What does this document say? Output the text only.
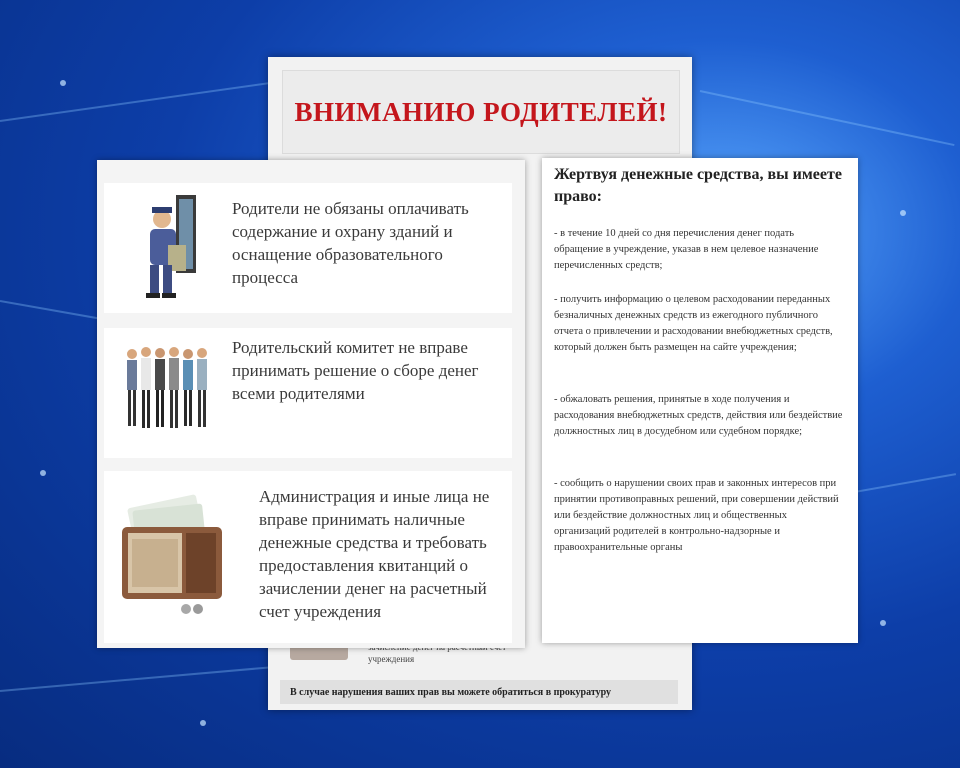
ВНИМАНИЮ РОДИТЕЛЕЙ!
учреждения
В случае нарушения ваших прав вы можете обратиться в прокуратуру
Родители не обязаны оплачивать содержание и охрану зданий и оснащение образовательного процесса
Родительский комитет не вправе принимать решение о сборе денег всеми родителями
Администрация и иные лица не вправе принимать наличные денежные средства и требовать предоставления квитанций о зачислении денег на расчетный счет учреждения
Жертвуя денежные средства, вы имеете право:
- в течение 10 дней со дня перечисления денег подать обращение в учреждение, указав в нем целевое назначение перечисленных средств;
- получить информацию о целевом расходовании переданных безналичных денежных средств из ежегодного публичного отчета о привлечении и расходовании внебюджетных средств, который должен быть размещен на сайте учреждения;
- обжаловать решения, принятые в ходе получения и расходования внебюджетных средств, действия или бездействие должностных лиц в досудебном или судебном порядке;
- сообщить о нарушении своих прав и законных интересов при принятии противоправных решений, при совершении действий или бездействие должностных лиц и общественных организаций родителей в контрольно-надзорные и правоохранительные органы
